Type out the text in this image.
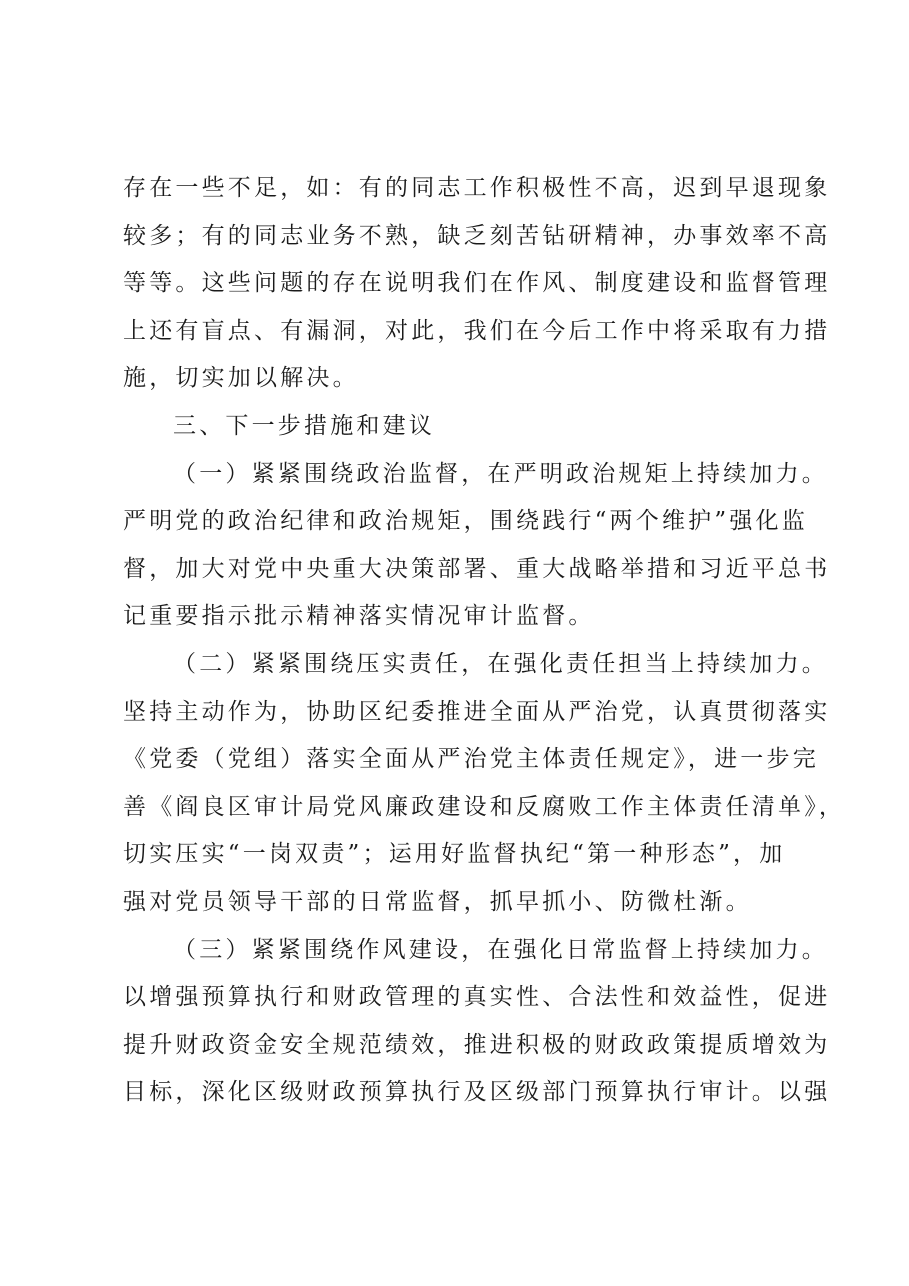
存在一些不足，如：有的同志工作积极性不高，迟到早退现象
较多；有的同志业务不熟，缺乏刻苦钻研精神，办事效率不高
等等。这些问题的存在说明我们在作风、制度建设和监督管理
上还有盲点、有漏洞，对此，我们在今后工作中将采取有力措
施，切实加以解决。
三、下一步措施和建议
（一）紧紧围绕政治监督，在严明政治规矩上持续加力。
严明党的政治纪律和政治规矩，围绕践行“两个维护”强化监
督，加大对党中央重大决策部署、重大战略举措和习近平总书
记重要指示批示精神落实情况审计监督。
（二）紧紧围绕压实责任，在强化责任担当上持续加力。
坚持主动作为，协助区纪委推进全面从严治党，认真贯彻落实
《党委（党组）落实全面从严治党主体责任规定》，进一步完
善《阎良区审计局党风廉政建设和反腐败工作主体责任清单》，
切实压实“一岗双责”；运用好监督执纪“第一种形态”，加
强对党员领导干部的日常监督，抓早抓小、防微杜渐。
（三）紧紧围绕作风建设，在强化日常监督上持续加力。
以增强预算执行和财政管理的真实性、合法性和效益性，促进
提升财政资金安全规范绩效，推进积极的财政政策提质增效为
目标，深化区级财政预算执行及区级部门预算执行审计。以强
